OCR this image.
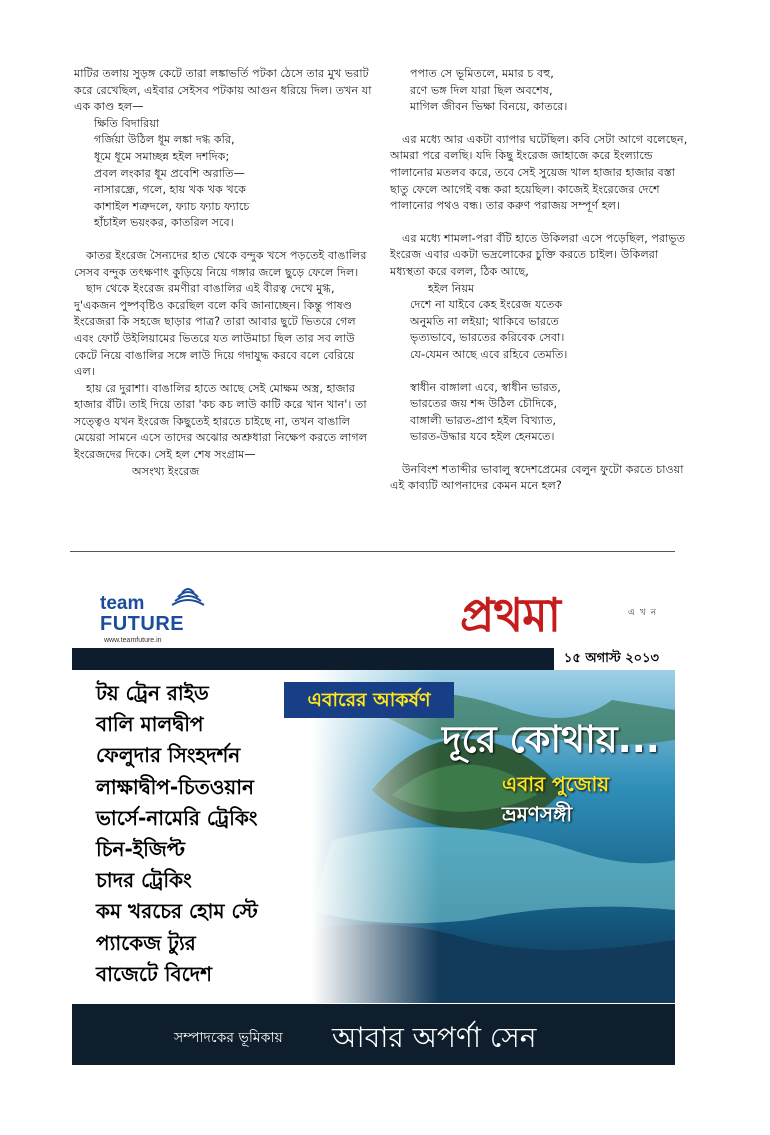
মাটির তলায় সুড়ঙ্গ কেটে তারা লঙ্কাভর্তি পটকা ঠেসে তার মুখ ভরাট করে রেখেছিল, এইবার সেইসব পটকায় আগুন ধরিয়ে দিল। তখন যা এক কাণ্ড হল—

ক্ষিতি বিদারিয়া

গর্জিয়া উঠিল ধূম লঙ্কা দগ্ধ করি,

ধূমে ধূমে সমাচ্ছন্ন হইল দশদিক;

প্রবল লংকার ধূম প্রবেশি অরাতি—

নাসারন্ধ্রে, গলে, হায় খক খক খকে

কাশাইল শত্রুদলে, ফ্যাচ ফ্যাচ ফ্যাচে

হাঁচাইল ভয়ংকর, কাতরিল সবে।

কাতর ইংরেজ সৈন্যদের হাত থেকে বন্দুক খসে পড়তেই বাঙালির সেসব বন্দুক তৎক্ষণাৎ কুড়িয়ে নিয়ে গঙ্গার জলে ছুড়ে ফেলে দিল।

ছাদ থেকে ইংরেজ রমণীরা বাঙালির এই বীরত্ব দেখে মুগ্ধ, দু'একজন পুষ্পবৃষ্টিও করেছিল বলে কবি জানাচ্ছেন। কিন্তু পাষণ্ড ইংরেজরা কি সহজে ছাড়ার পাত্র? তারা আবার ছুটে ভিতরে গেল এবং ফোর্ট উইলিয়ামের ভিতরে যত লাউমাচা ছিল তার সব লাউ কেটে নিয়ে বাঙালির সঙ্গে লাউ দিয়ে গদাযুদ্ধ করবে বলে বেরিয়ে এল।

হায় রে দুরাশা। বাঙালির হাতে আছে সেই মোক্ষম অস্ত্র, হাজার হাজার বঁটি। তাই দিয়ে তারা 'কচ কচ লাউ কাটি করে খান খান'। তা সত্ত্বেও যখন ইংরেজ কিছুতেই হারতে চাইছে না, তখন বাঙালি মেয়েরা সামনে এসে তাদের অঝোর অশ্রুধারা নিক্ষেপ করতে লাগল ইংরেজদের দিকে। সেই হল শেষ সংগ্রাম—

অসংখ্য ইংরেজ

পপাত সে ভূমিতলে, মমার চ বহু,

রণে ভঙ্গ দিল যারা ছিল অবশেষ,

মাগিল জীবন ভিক্ষা বিনয়ে, কাতরে।

এর মধ্যে আর একটা ব্যাপার ঘটেছিল। কবি সেটা আগে বলেছেন, আমরা পরে বলছি। যদি কিছু ইংরেজ জাহাজে করে ইংল্যান্ডে পালানোর মতলব করে, তবে সেই সুয়েজ খাল হাজার হাজার বস্তা ছাতু ফেলে আগেই বন্ধ করা হয়েছিল। কাজেই ইংরেজের দেশে পালানোর পথও বন্ধ। তার করুণ পরাজয় সম্পূর্ণ হল।

এর মধ্যে শামলা-পরা বঁটি হাতে উকিলরা এসে পড়েছিল, পরাভূত ইংরেজ এবার একটা ভদ্রলোকের চুক্তি করতে চাইল। উকিলরা মধ্যস্থতা করে বলল, ঠিক আছে,

হইল নিয়ম

দেশে না যাইবে কেহ ইংরেজ যতেক

অনুমতি না লইয়া; থাকিবে ভারতে

ভৃত্যভাবে, ভারতের করিবেক সেবা।

যে-যেমন আছে এবে রহিবে তেমতি।

স্বাধীন বাঙ্গালা এবে, স্বাধীন ভারত,

ভারতের জয় শব্দ উঠিল চৌদিকে,

বাঙ্গালী ভারত-প্রাণ হইল বিখ্যাত,

ভারত-উদ্ধার যবে হইল হেনমতে।

উনবিংশ শতাব্দীর ভাবালু স্বদেশপ্রেমের বেলুন ফুটো করতে চাওয়া এই কাব্যটি আপনাদের কেমন মনে হল?

team
FUTURE
www.teamfuture.in	প্রথমা	এখন
১৫ অগাস্ট ২০১৩
টয় ট্রেন রাইড
বালি মালদ্বীপ
ফেলুদার সিংহদর্শন
লাক্ষাদ্বীপ-চিতওয়ান
ভার্সে-নামেরি ট্রেকিং
চিন-ইজিপ্ট
চাদর ট্রেকিং
কম খরচের হোম স্টে
প্যাকেজ ট্যুর
বাজেটে বিদেশ
এবারের আকর্ষণ
দূরে কোথায়...
এবার পুজোয়
ভ্রমণসঙ্গী
সম্পাদকের ভূমিকায় আবার অপর্ণা সেন
